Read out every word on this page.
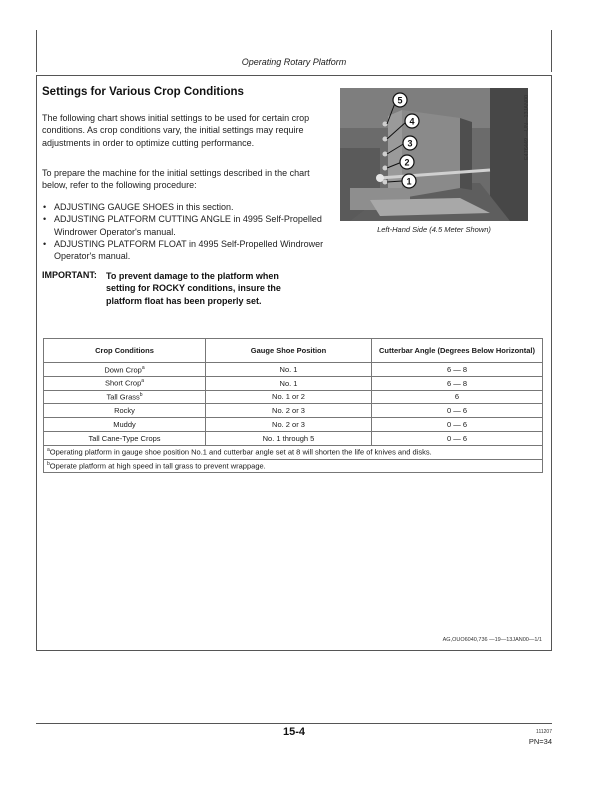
Operating Rotary Platform
Settings for Various Crop Conditions
The following chart shows initial settings to be used for certain crop conditions. As crop conditions vary, the initial settings may require adjustments in order to optimize cutting performance.
To prepare the machine for the initial settings described in the chart below, refer to the following procedure:
• ADJUSTING GAUGE SHOES in this section.
• ADJUSTING PLATFORM CUTTING ANGLE in 4995 Self-Propelled Windrower Operator's manual.
• ADJUSTING PLATFORM FLOAT in 4995 Self-Propelled Windrower Operator's manual.
IMPORTANT: To prevent damage to the platform when setting for ROCKY conditions, insure the platform float has been properly set.
5
4
3
2
1
Left-Hand Side (4.5 Meter Shown)
E476449 —UN—13JAN00
Crop Conditions	Gauge Shoe Position	Cutterbar Angle (Degrees Below Horizontal)
Down Crop$^a$	No. 1	6 — 8
Short Crop$^a$	No. 1	6 — 8
Tall Grass$^b$	No. 1 or 2	6
Rocky	No. 2 or 3	0 — 6
Muddy	No. 2 or 3	0 — 6
Tall Cane-Type Crops	No. 1 through 5	0 — 6
$^a$Operating platform in gauge shoe position No.1 and cutterbar angle set at 8 will shorten the life of knives and disks.		
$^b$Operate platform at high speed in tall grass to prevent wrappage.		
AG,OUO6040,736 —19—13JAN00—1/1
15-4	111207
PN=34
